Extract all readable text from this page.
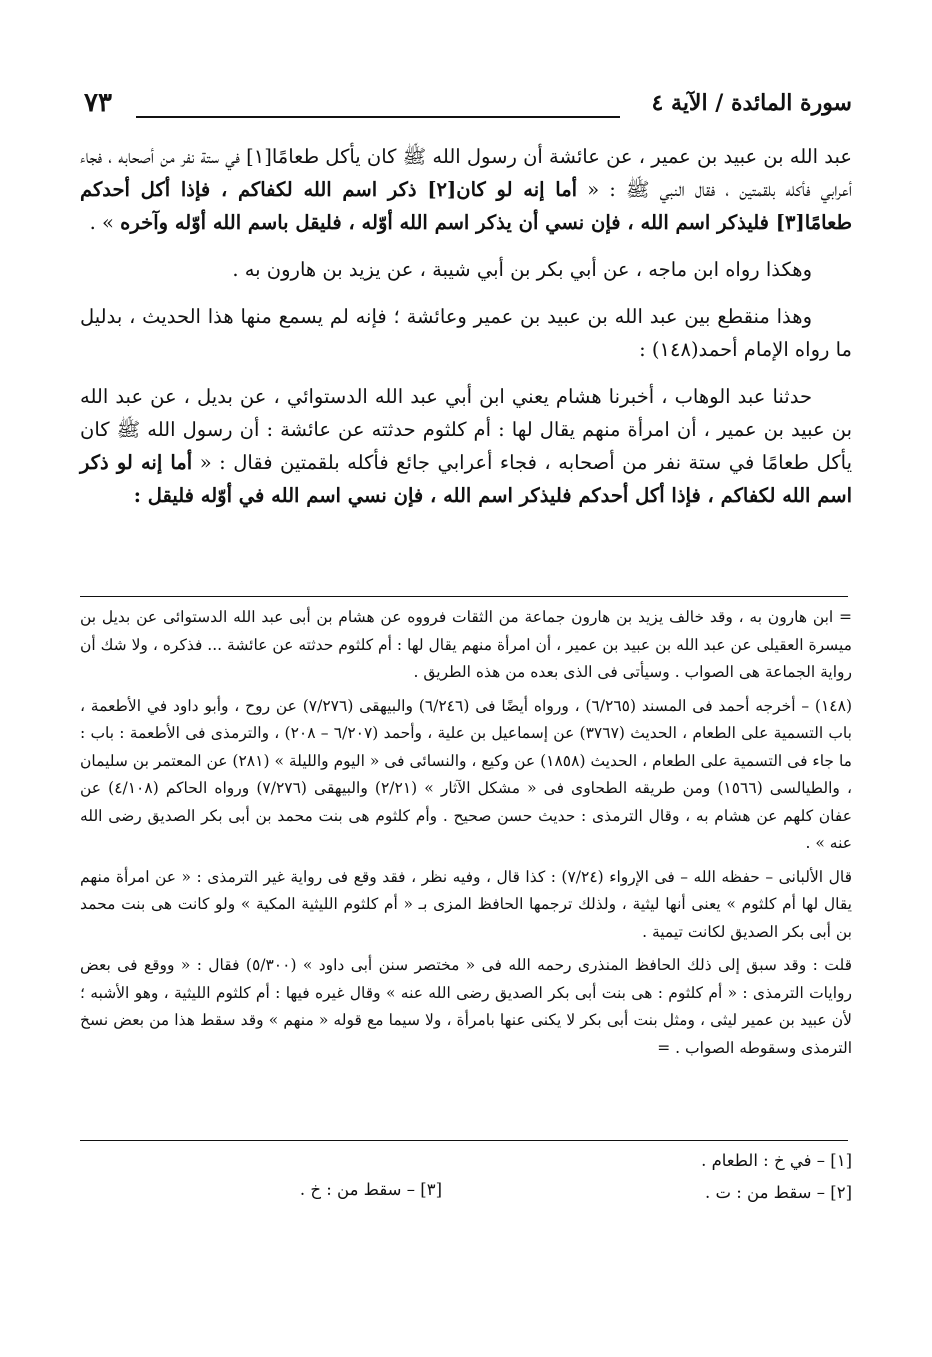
٧٣	سورة المائدة / الآية ٤

عبد الله بن عبيد بن عمير ، عن عائشة أن رسول الله ﷺ كان يأكل طعامًا[١] في ستة نفر من أصحابه ، فجاء أعرابي فأكله بلقمتين ، فقال النبي ﷺ : « أما إنه لو كان[٢] ذكر اسم الله لكفاكم ، فإذا أكل أحدكم طعامًا[٣] فليذكر اسم الله ، فإن نسي أن يذكر اسم الله أوّله ، فليقل باسم الله أوّله وآخره » .

وهكذا رواه ابن ماجه ، عن أبي بكر بن أبي شيبة ، عن يزيد بن هارون به .

وهذا منقطع بين عبد الله بن عبيد بن عمير وعائشة ؛ فإنه لم يسمع منها هذا الحديث ، بدليل ما رواه الإمام أحمد(١٤٨) :

حدثنا عبد الوهاب ، أخبرنا هشام يعني ابن أبي عبد الله الدستوائي ، عن بديل ، عن عبد الله بن عبيد بن عمير ، أن امرأة منهم يقال لها : أم كلثوم حدثته عن عائشة : أن رسول الله ﷺ كان يأكل طعامًا في ستة نفر من أصحابه ، فجاء أعرابي جائع فأكله بلقمتين فقال : « أما إنه لو ذكر اسم الله لكفاكم ، فإذا أكل أحدكم فليذكر اسم الله ، فإن نسي اسم الله في أوّله فليقل :

= ابن هارون به ، وقد خالف يزيد بن هارون جماعة من الثقات فرووه عن هشام بن أبى عبد الله الدستوائى عن بديل بن ميسرة العقيلى عن عبد الله بن عبيد بن عمير ، أن امرأة منهم يقال لها : أم كلثوم حدثته عن عائشة ... فذكره ، ولا شك أن رواية الجماعة هى الصواب . وسيأتى فى الذى بعده من هذه الطريق .

(١٤٨) – أخرجه أحمد فى المسند (٦/٢٦٥) ، ورواه أيضًا فى (٦/٢٤٦) والبيهقى (٧/٢٧٦) عن روح ، وأبو داود في الأطعمة ، باب التسمية على الطعام ، الحديث (٣٧٦٧) عن إسماعيل بن علية ، وأحمد (٦/٢٠٧ – ٢٠٨) ، والترمذى فى الأطعمة : باب : ما جاء فى التسمية على الطعام ، الحديث (١٨٥٨) عن وكيع ، والنسائى فى « اليوم والليلة » (٢٨١) عن المعتمر بن سليمان ، والطيالسى (١٥٦٦) ومن طريقه الطحاوى فى « مشكل الآثار » (٢/٢١) والبيهقى (٧/٢٧٦) ورواه الحاكم (٤/١٠٨) عن عفان كلهم عن هشام به ، وقال الترمذى : حديث حسن صحيح . وأم كلثوم هى بنت محمد بن أبى بكر الصديق رضى الله عنه » .

قال الألبانى – حفظه الله – فى الإرواء (٧/٢٤) : كذا قال ، وفيه نظر ، فقد وقع فى رواية غير الترمذى : « عن امرأة منهم يقال لها أم كلثوم » يعنى أنها ليثية ، ولذلك ترجمها الحافظ المزى بـ « أم كلثوم الليثية المكية » ولو كانت هى بنت محمد بن أبى بكر الصديق لكانت تيمية .

قلت : وقد سبق إلى ذلك الحافظ المنذرى رحمه الله فى « مختصر سنن أبى داود » (٥/٣٠٠) فقال : « ووقع فى بعض روايات الترمذى : « أم كلثوم : هى بنت أبى بكر الصديق رضى الله عنه » وقال غيره فيها : أم كلثوم الليثية ، وهو الأشبه ؛ لأن عبيد بن عمير ليثى ، ومثل بنت أبى بكر لا يكنى عنها بامرأة ، ولا سيما مع قوله « منهم » وقد سقط هذا من بعض نسخ الترمذى وسقوطه الصواب . =

[١] – في خ : الطعام .
[٢] – سقط من : ت .
[٣] – سقط من : خ .
